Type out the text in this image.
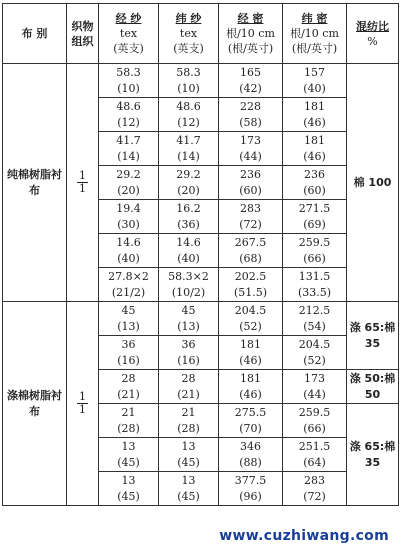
布 别	织物
组织	经 纱
tex
(英支)	纬 纱
tex
(英支)	经 密
根/10 cm
(根/英寸)	纬 密
根/10 cm
(根/英寸)	混纺比
%

纯棉树脂衬布	$\frac{1}{1}$	58.3
(10)	58.3
(10)	165
(42)	157
(40)	棉 100

		48.6
(12)	48.6
(12)	228
(58)	181
(46)	

		41.7
(14)	41.7
(14)	173
(44)	181
(46)	

		29.2
(20)	29.2
(20)	236
(60)	236
(60)	

		19.4
(30)	16.2
(36)	283
(72)	271.5
(69)	

		14.6
(40)	14.6
(40)	267.5
(68)	259.5
(66)	

		27.8×2
(21/2)	58.3×2
(10/2)	202.5
(51.5)	131.5
(33.5)	

涤棉树脂衬布	$\frac{1}{1}$	45
(13)	45
(13)	204.5
(52)	212.5
(54)	涤 65:棉 35

		36
(16)	36
(16)	181
(46)	204.5
(52)	

		28
(21)	28
(21)	181
(46)	173
(44)	涤 50:棉 50

		21
(28)	21
(28)	275.5
(70)	259.5
(66)	涤 65:棉 35

		13
(45)	13
(45)	346
(88)	251.5
(64)	

		13
(45)	13
(45)	377.5
(96)	283
(72)	
www.cuzhiwang.com
